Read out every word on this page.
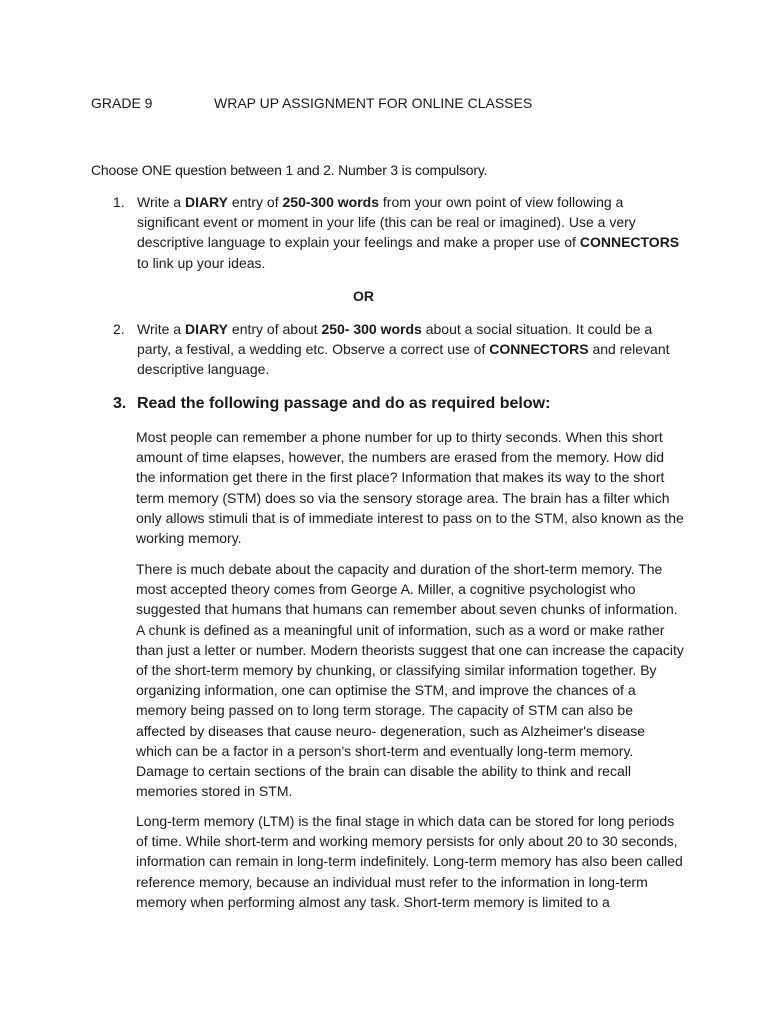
GRADE 9	WRAP UP ASSIGNMENT FOR ONLINE CLASSES
Choose ONE question between 1 and 2. Number 3 is compulsory.
1. Write a DIARY entry of 250-300 words from your own point of view following a significant event or moment in your life (this can be real or imagined). Use a very descriptive language to explain your feelings and make a proper use of CONNECTORS to link up your ideas.
OR
2. Write a DIARY entry of about 250- 300 words about a social situation. It could be a party, a festival, a wedding etc. Observe a correct use of CONNECTORS and relevant descriptive language.
3. Read the following passage and do as required below:

Most people can remember a phone number for up to thirty seconds. When this short amount of time elapses, however, the numbers are erased from the memory. How did the information get there in the first place? Information that makes its way to the short term memory (STM) does so via the sensory storage area. The brain has a filter which only allows stimuli that is of immediate interest to pass on to the STM, also known as the working memory.

There is much debate about the capacity and duration of the short-term memory. The most accepted theory comes from George A. Miller, a cognitive psychologist who suggested that humans that humans can remember about seven chunks of information. A chunk is defined as a meaningful unit of information, such as a word or make rather than just a letter or number. Modern theorists suggest that one can increase the capacity of the short-term memory by chunking, or classifying similar information together. By organizing information, one can optimise the STM, and improve the chances of a memory being passed on to long term storage. The capacity of STM can also be affected by diseases that cause neuro- degeneration, such as Alzheimer's disease which can be a factor in a person's short-term and eventually long-term memory. Damage to certain sections of the brain can disable the ability to think and recall memories stored in STM.

Long-term memory (LTM) is the final stage in which data can be stored for long periods of time. While short-term and working memory persists for only about 20 to 30 seconds, information can remain in long-term indefinitely. Long-term memory has also been called reference memory, because an individual must refer to the information in long-term memory when performing almost any task. Short-term memory is limited to a
